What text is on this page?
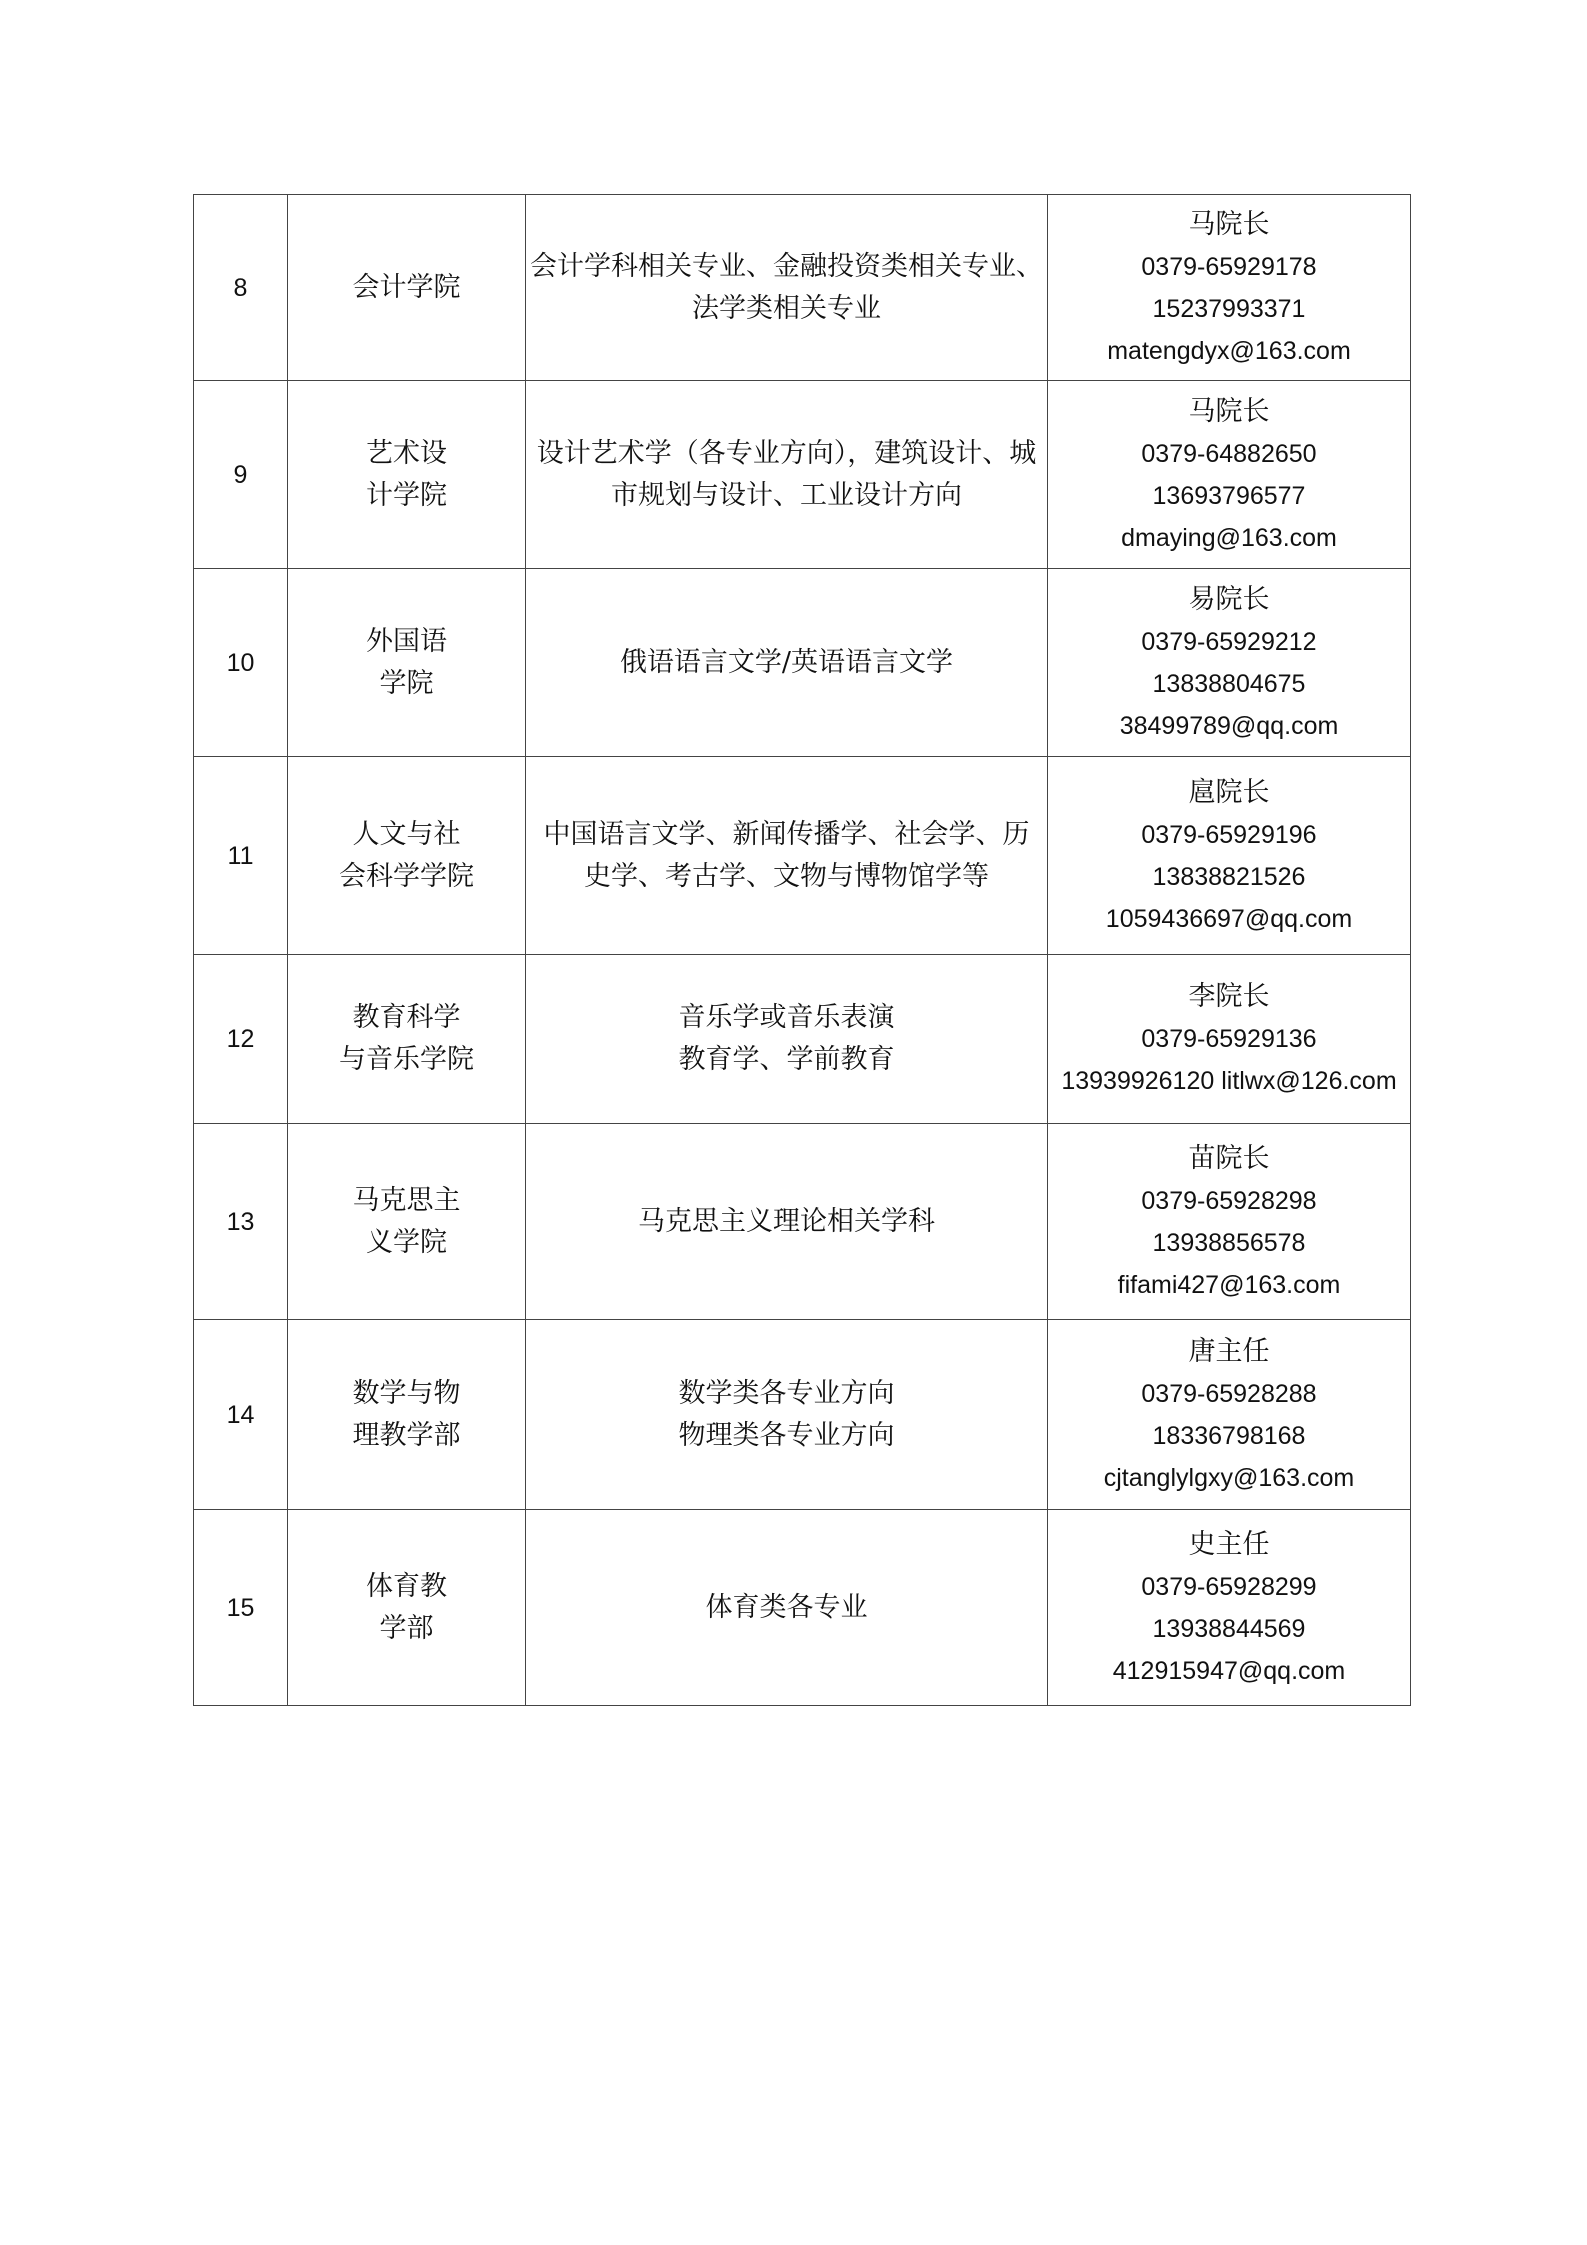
8	会计学院	会计学科相关专业、金融投资类相关专业、
法学类相关专业	马院长
0379-65929178
15237993371
matengdyx@163.com

9	艺术设
计学院	设计艺术学（各专业方向），建筑设计、城
市规划与设计、工业设计方向	马院长
0379-64882650
13693796577
dmaying@163.com

10	外国语
学院	俄语语言文学/英语语言文学	易院长
0379-65929212
13838804675
38499789@qq.com

11	人文与社
会科学学院	中国语言文学、新闻传播学、社会学、历
史学、考古学、文物与博物馆学等	扈院长
0379-65929196
13838821526
1059436697@qq.com

12	教育科学
与音乐学院	音乐学或音乐表演
教育学、学前教育	李院长
0379-65929136
13939926120 litlwx@126.com

13	马克思主
义学院	马克思主义理论相关学科	苗院长
0379-65928298
13938856578
fifami427@163.com

14	数学与物
理教学部	数学类各专业方向
物理类各专业方向	唐主任
0379-65928288
18336798168
cjtanglylgxy@163.com

15	体育教
学部	体育类各专业	史主任
0379-65928299
13938844569
412915947@qq.com
